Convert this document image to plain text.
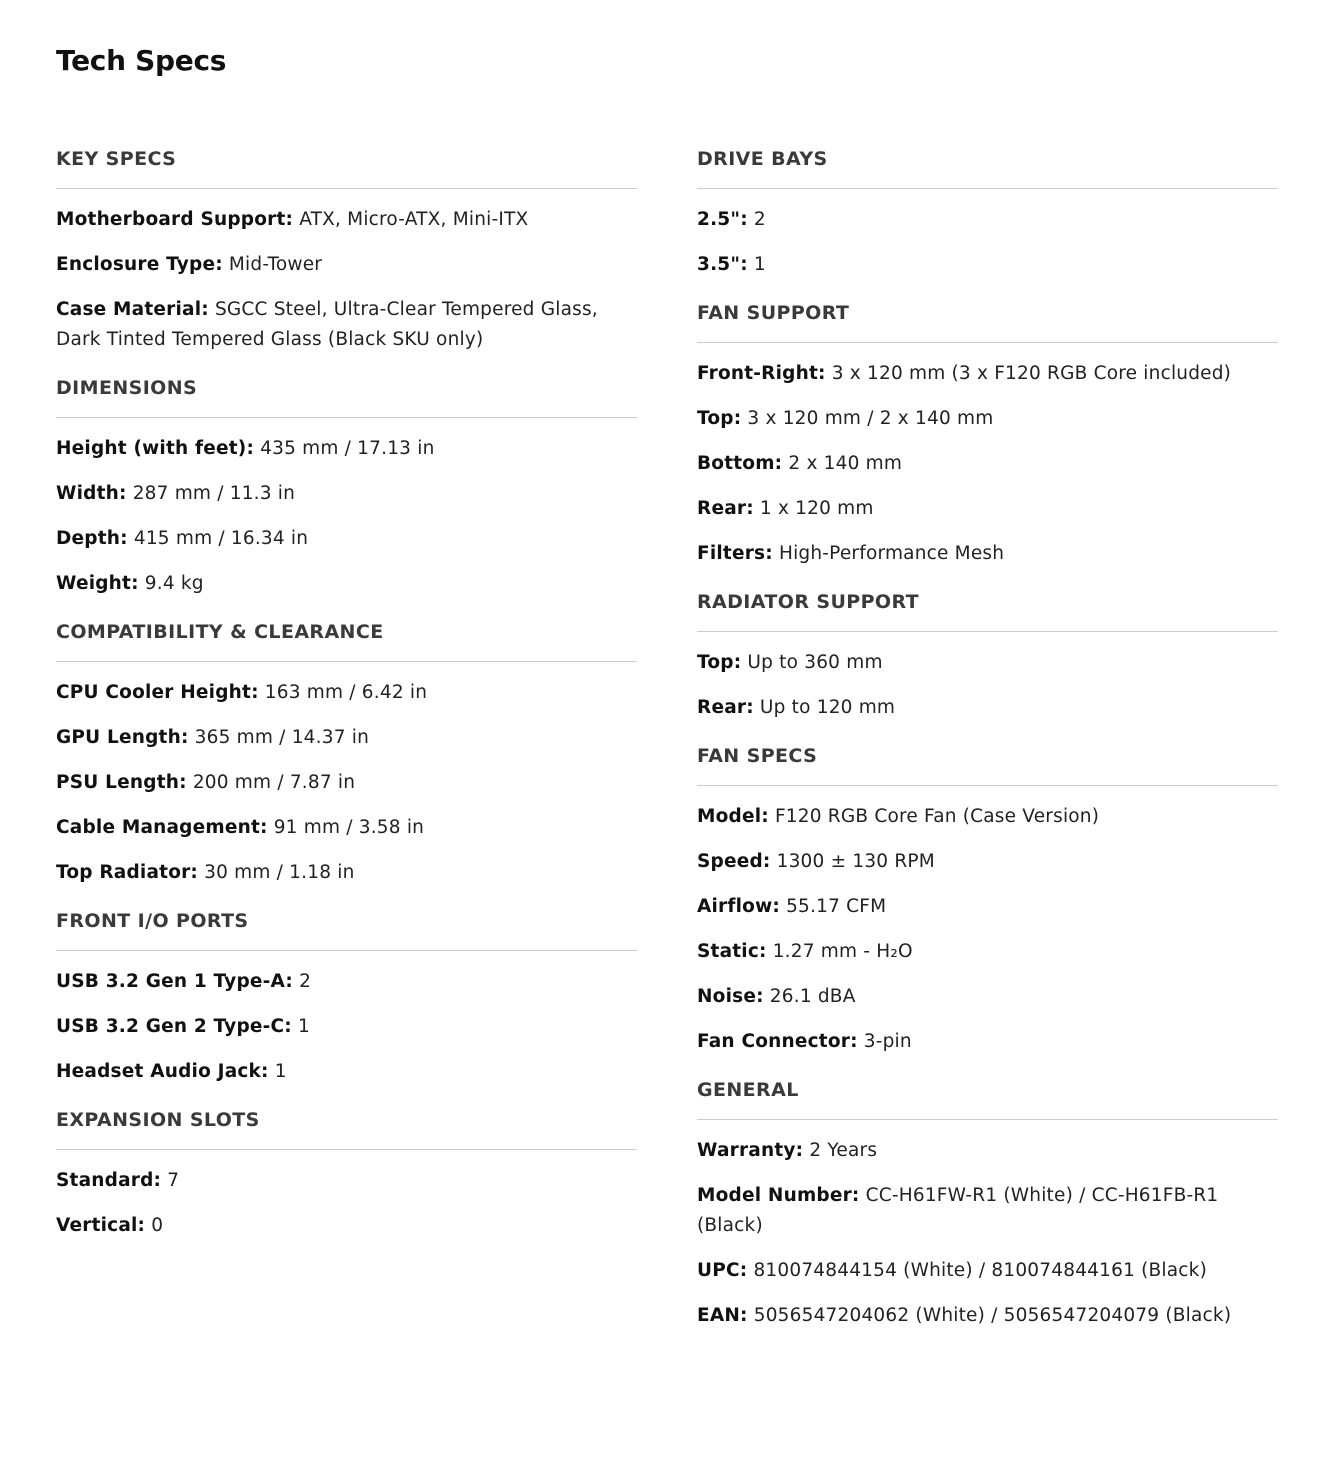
Tech Specs
KEY SPECS

Motherboard Support: ATX, Micro-ATX, Mini-ITX

Enclosure Type: Mid-Tower

Case Material: SGCC Steel, Ultra-Clear Tempered Glass, Dark Tinted Tempered Glass (Black SKU only)

DIMENSIONS

Height (with feet): 435 mm / 17.13 in

Width: 287 mm / 11.3 in

Depth: 415 mm / 16.34 in

Weight: 9.4 kg

COMPATIBILITY & CLEARANCE

CPU Cooler Height: 163 mm / 6.42 in

GPU Length: 365 mm / 14.37 in

PSU Length: 200 mm / 7.87 in

Cable Management: 91 mm / 3.58 in

Top Radiator: 30 mm / 1.18 in

FRONT I/O PORTS

USB 3.2 Gen 1 Type-A: 2

USB 3.2 Gen 2 Type-C: 1

Headset Audio Jack: 1

EXPANSION SLOTS

Standard: 7

Vertical: 0

DRIVE BAYS

2.5": 2

3.5": 1

FAN SUPPORT

Front-Right: 3 x 120 mm (3 x F120 RGB Core included)

Top: 3 x 120 mm / 2 x 140 mm

Bottom: 2 x 140 mm

Rear: 1 x 120 mm

Filters: High-Performance Mesh

RADIATOR SUPPORT

Top: Up to 360 mm

Rear: Up to 120 mm

FAN SPECS

Model: F120 RGB Core Fan (Case Version)

Speed: 1300 ± 130 RPM

Airflow: 55.17 CFM

Static: 1.27 mm - H₂O

Noise: 26.1 dBA

Fan Connector: 3-pin

GENERAL

Warranty: 2 Years

Model Number: CC-H61FW-R1 (White) / CC-H61FB-R1 (Black)

UPC: 810074844154 (White) / 810074844161 (Black)

EAN: 5056547204062 (White) / 5056547204079 (Black)
